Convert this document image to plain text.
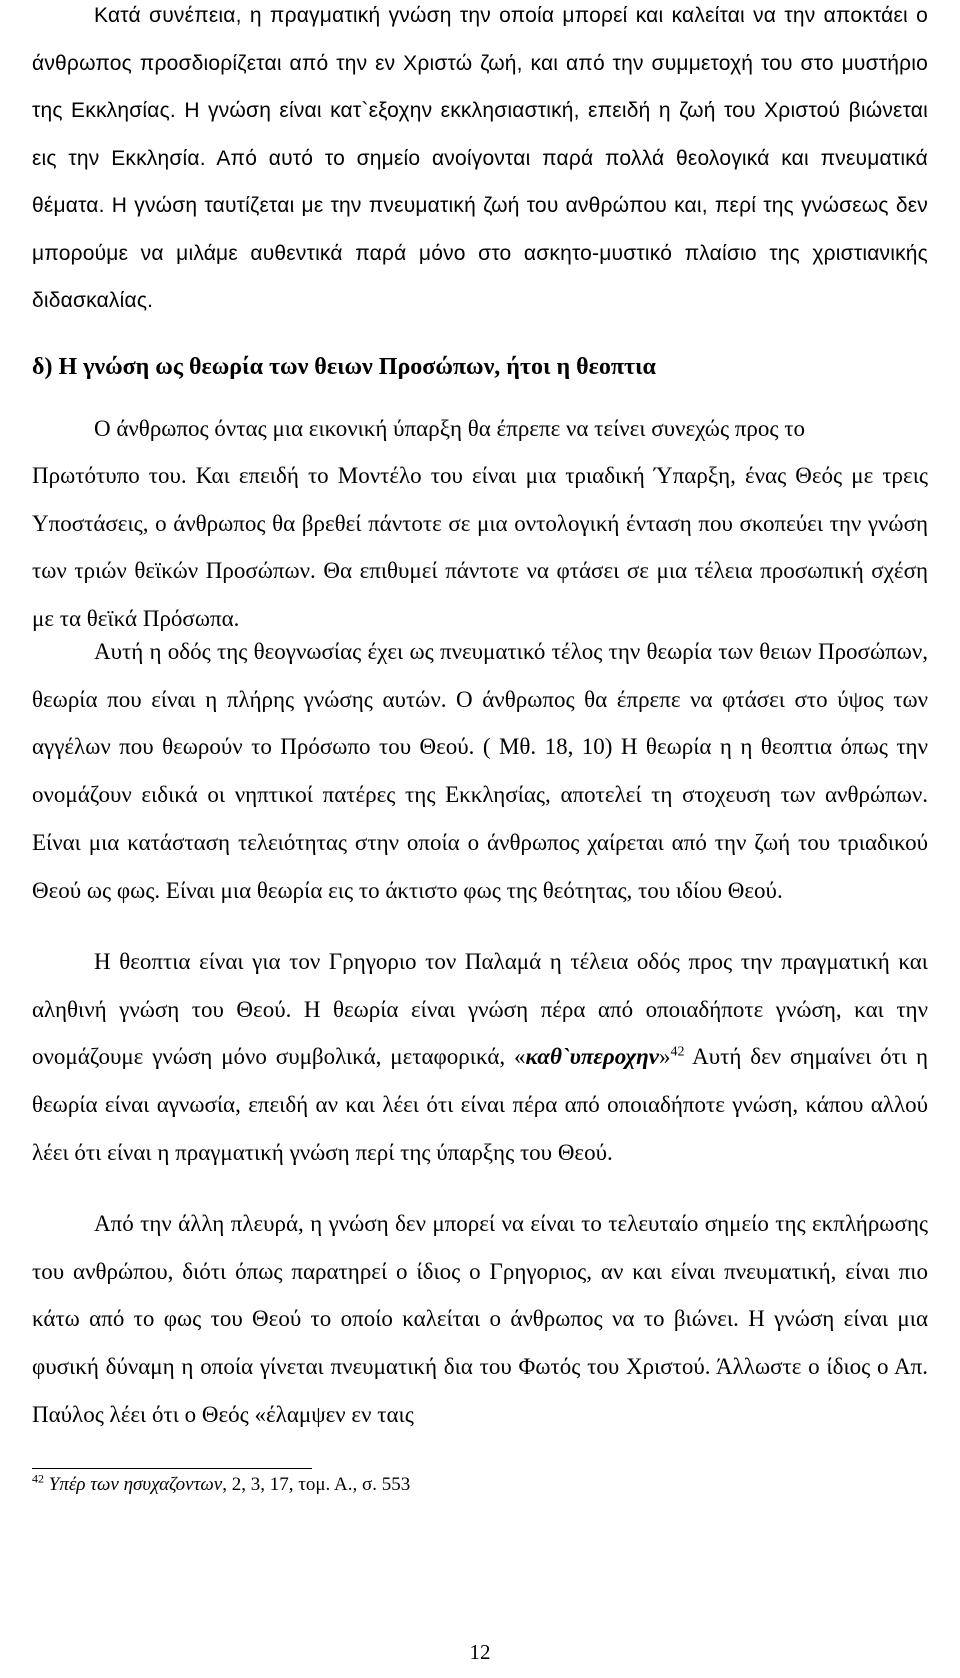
Κατά συνέπεια, η πραγματική γνώση την οποία μπορεί και καλείται να την αποκτάει ο άνθρωπος προσδιορίζεται από την εν Χριστώ ζωή, και από την συμμετοχή του στο μυστήριο της Εκκλησίας. Η γνώση είναι κατ`εξοχην εκκλησιαστική, επειδή η ζωή του Χριστού βιώνεται εις την Εκκλησία. Από αυτό το σημείο ανοίγονται παρά πολλά θεολογικά και πνευματικά θέματα. Η γνώση ταυτίζεται με την πνευματική ζωή του ανθρώπου και, περί της γνώσεως δεν μπορούμε να μιλάμε αυθεντικά παρά μόνο στο ασκητο-μυστικό πλαίσιο της χριστιανικής διδασκαλίας.

δ) Η γνώση ως θεωρία των θειων Προσώπων, ήτοι η θεοπτια

Ο άνθρωπος όντας μια εικονική ύπαρξη θα έπρεπε να τείνει συνεχώς προς το

Πρωτότυπο του. Και επειδή το Μοντέλο του είναι μια τριαδική Ύπαρξη, ένας Θεός με τρεις Υποστάσεις, ο άνθρωπος θα βρεθεί πάντοτε σε μια οντολογική ένταση που σκοπεύει την γνώση των τριών θεϊκών Προσώπων. Θα επιθυμεί πάντοτε να φτάσει σε μια τέλεια προσωπική σχέση με τα θεϊκά Πρόσωπα.

Αυτή η οδός της θεογνωσίας έχει ως πνευματικό τέλος την θεωρία των θειων Προσώπων, θεωρία που είναι η πλήρης γνώσης αυτών. Ο άνθρωπος θα έπρεπε να φτάσει στο ύψος των αγγέλων που θεωρούν το Πρόσωπο του Θεού. ( Μθ. 18, 10) Η θεωρία η η θεοπτια όπως την ονομάζουν ειδικά οι νηπτικοί πατέρες της Εκκλησίας, αποτελεί τη στοχευση των ανθρώπων. Είναι μια κατάσταση τελειότητας στην οποία ο άνθρωπος χαίρεται από την ζωή του τριαδικού Θεού ως φως. Είναι μια θεωρία εις το άκτιστο φως της θεότητας, του ιδίου Θεού.

Η θεοπτια είναι για τον Γρηγοριο τον Παλαμά η τέλεια οδός προς την πραγματική και αληθινή γνώση του Θεού. Η θεωρία είναι γνώση πέρα από οποιαδήποτε γνώση, και την ονομάζουμε γνώση μόνο συμβολικά, μεταφορικά, «καθ`υπεροχην»$^{42}$ Αυτή δεν σημαίνει ότι η θεωρία είναι αγνωσία, επειδή αν και λέει ότι είναι πέρα από οποιαδήποτε γνώση, κάπου αλλού λέει ότι είναι η πραγματική γνώση περί της ύπαρξης του Θεού.

Από την άλλη πλευρά, η γνώση δεν μπορεί να είναι το τελευταίο σημείο της εκπλήρωσης του ανθρώπου, διότι όπως παρατηρεί ο ίδιος ο Γρηγοριος, αν και είναι πνευματική, είναι πιο κάτω από το φως του Θεού το οποίο καλείται ο άνθρωπος να το βιώνει. Η γνώση είναι μια φυσική δύναμη η οποία γίνεται πνευματική δια του Φωτός του Χριστού. Άλλωστε ο ίδιος ο Απ. Παύλος λέει ότι ο Θεός «έλαμψεν εν ταις

$^{42}$ Υπέρ των ησυχαζοντων, 2, 3, 17, τομ. Α., σ. 553

12
